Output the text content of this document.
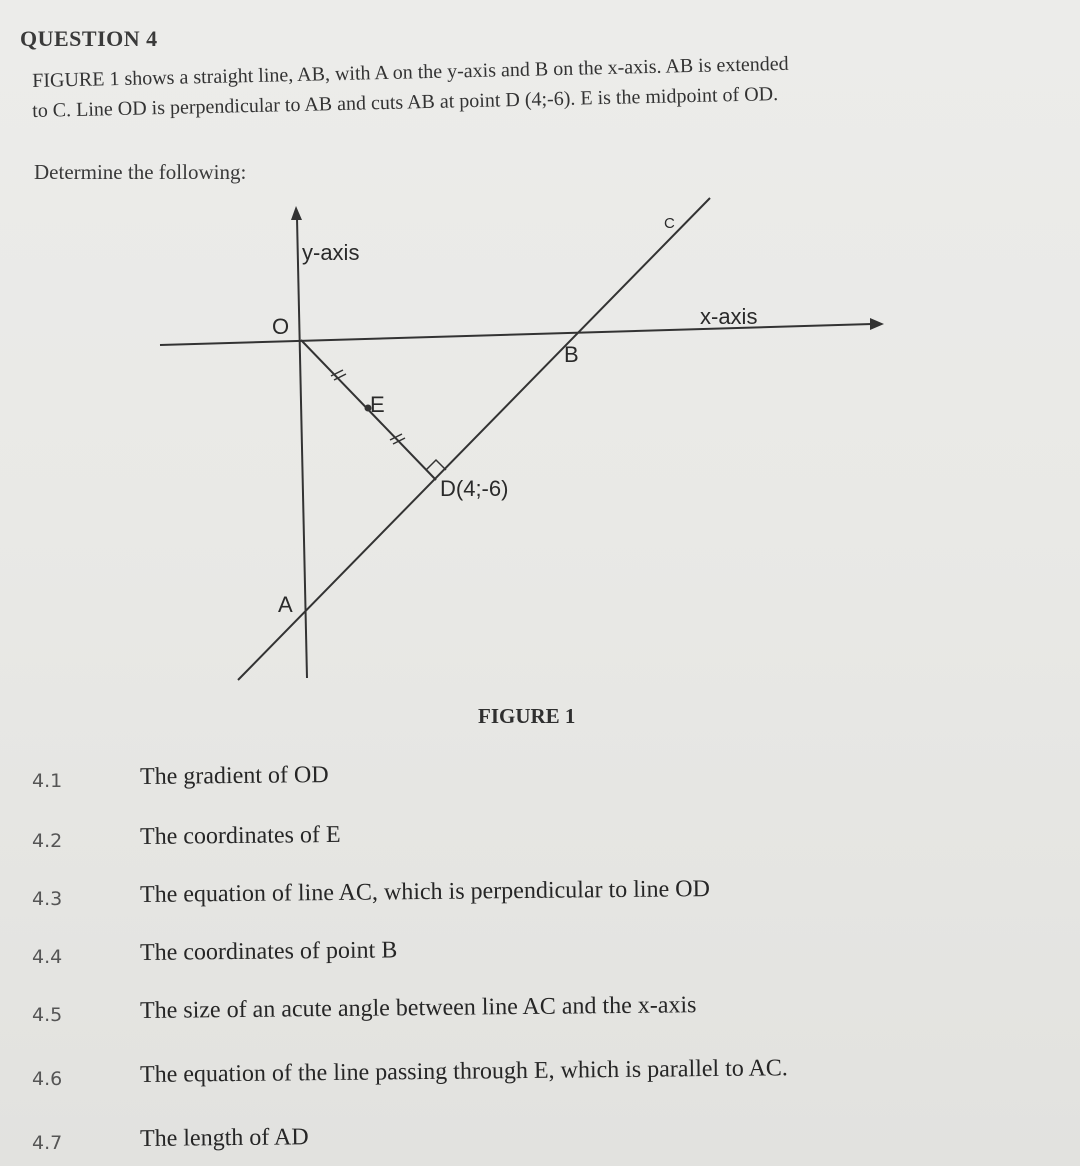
QUESTION 4
FIGURE 1 shows a straight line, AB, with A on the y-axis and B on the x-axis. AB is extended
to C. Line OD is perpendicular to AB and cuts AB at point D (4;-6). E is the midpoint of OD.
Determine the following:
y-axis
x-axis
O
A
B
C
E
D(4;-6)
FIGURE 1
4.1	The gradient of OD
4.2	The coordinates of E
4.3	The equation of line AC, which is perpendicular to line OD
4.4	The coordinates of point B
4.5	The size of an acute angle between line AC and the x-axis
4.6	The equation of the line passing through E, which is parallel to AC.
4.7	The length of AD
